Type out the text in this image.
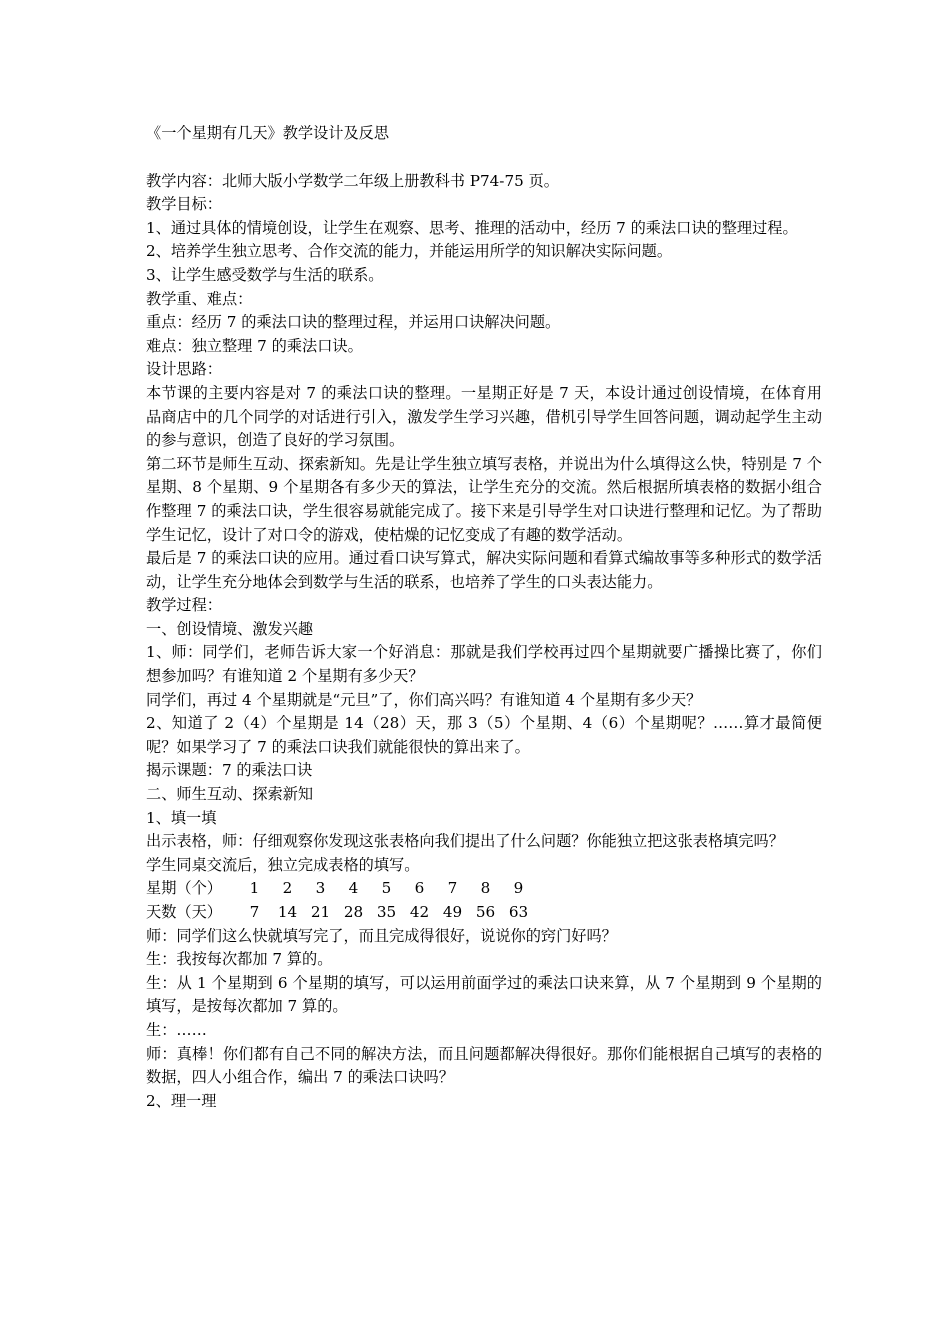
《一个星期有几天》教学设计及反思

教学内容：北师大版小学数学二年级上册教科书 P74-75 页。

教学目标：

1、通过具体的情境创设，让学生在观察、思考、推理的活动中，经历 7 的乘法口诀的整理过程。

2、培养学生独立思考、合作交流的能力，并能运用所学的知识解决实际问题。

3、让学生感受数学与生活的联系。

教学重、难点：

重点：经历 7 的乘法口诀的整理过程，并运用口诀解决问题。

难点：独立整理 7 的乘法口诀。

设计思路：

本节课的主要内容是对 7 的乘法口诀的整理。一星期正好是 7 天，本设计通过创设情境，在体育用品商店中的几个同学的对话进行引入，激发学生学习兴趣，借机引导学生回答问题，调动起学生主动的参与意识，创造了良好的学习氛围。

第二环节是师生互动、探索新知。先是让学生独立填写表格，并说出为什么填得这么快，特别是 7 个星期、8 个星期、9 个星期各有多少天的算法，让学生充分的交流。然后根据所填表格的数据小组合作整理 7 的乘法口诀，学生很容易就能完成了。接下来是引导学生对口诀进行整理和记忆。为了帮助学生记忆，设计了对口令的游戏，使枯燥的记忆变成了有趣的数学活动。

最后是 7 的乘法口诀的应用。通过看口诀写算式，解决实际问题和看算式编故事等多种形式的数学活动，让学生充分地体会到数学与生活的联系，也培养了学生的口头表达能力。

教学过程：

一、创设情境、激发兴趣

1、师：同学们，老师告诉大家一个好消息：那就是我们学校再过四个星期就要广播操比赛了，你们想参加吗？有谁知道 2 个星期有多少天？

同学们，再过 4 个星期就是“元旦”了，你们高兴吗？有谁知道 4 个星期有多少天？

2、知道了 2（4）个星期是 14（28）天，那 3（5）个星期、4（6）个星期呢？……算才最简便呢？如果学习了 7 的乘法口诀我们就能很快的算出来了。

揭示课题：7 的乘法口诀

二、师生互动、探索新知

1、填一填

出示表格，师：仔细观察你发现这张表格向我们提出了什么问题？你能独立把这张表格填完吗？

学生同桌交流后，独立完成表格的填写。

星期（个）	1	2	3	4	5	6	7	8	9
天数（天）	7	14 21 28 35 42 49 56 63

师：同学们这么快就填写完了，而且完成得很好，说说你的窍门好吗？

生：我按每次都加 7 算的。

生：从 1 个星期到 6 个星期的填写，可以运用前面学过的乘法口诀来算，从 7 个星期到 9 个星期的填写，是按每次都加 7 算的。

生：……

师：真棒！你们都有自己不同的解决方法，而且问题都解决得很好。那你们能根据自己填写的表格的数据，四人小组合作，编出 7 的乘法口诀吗？

2、理一理
